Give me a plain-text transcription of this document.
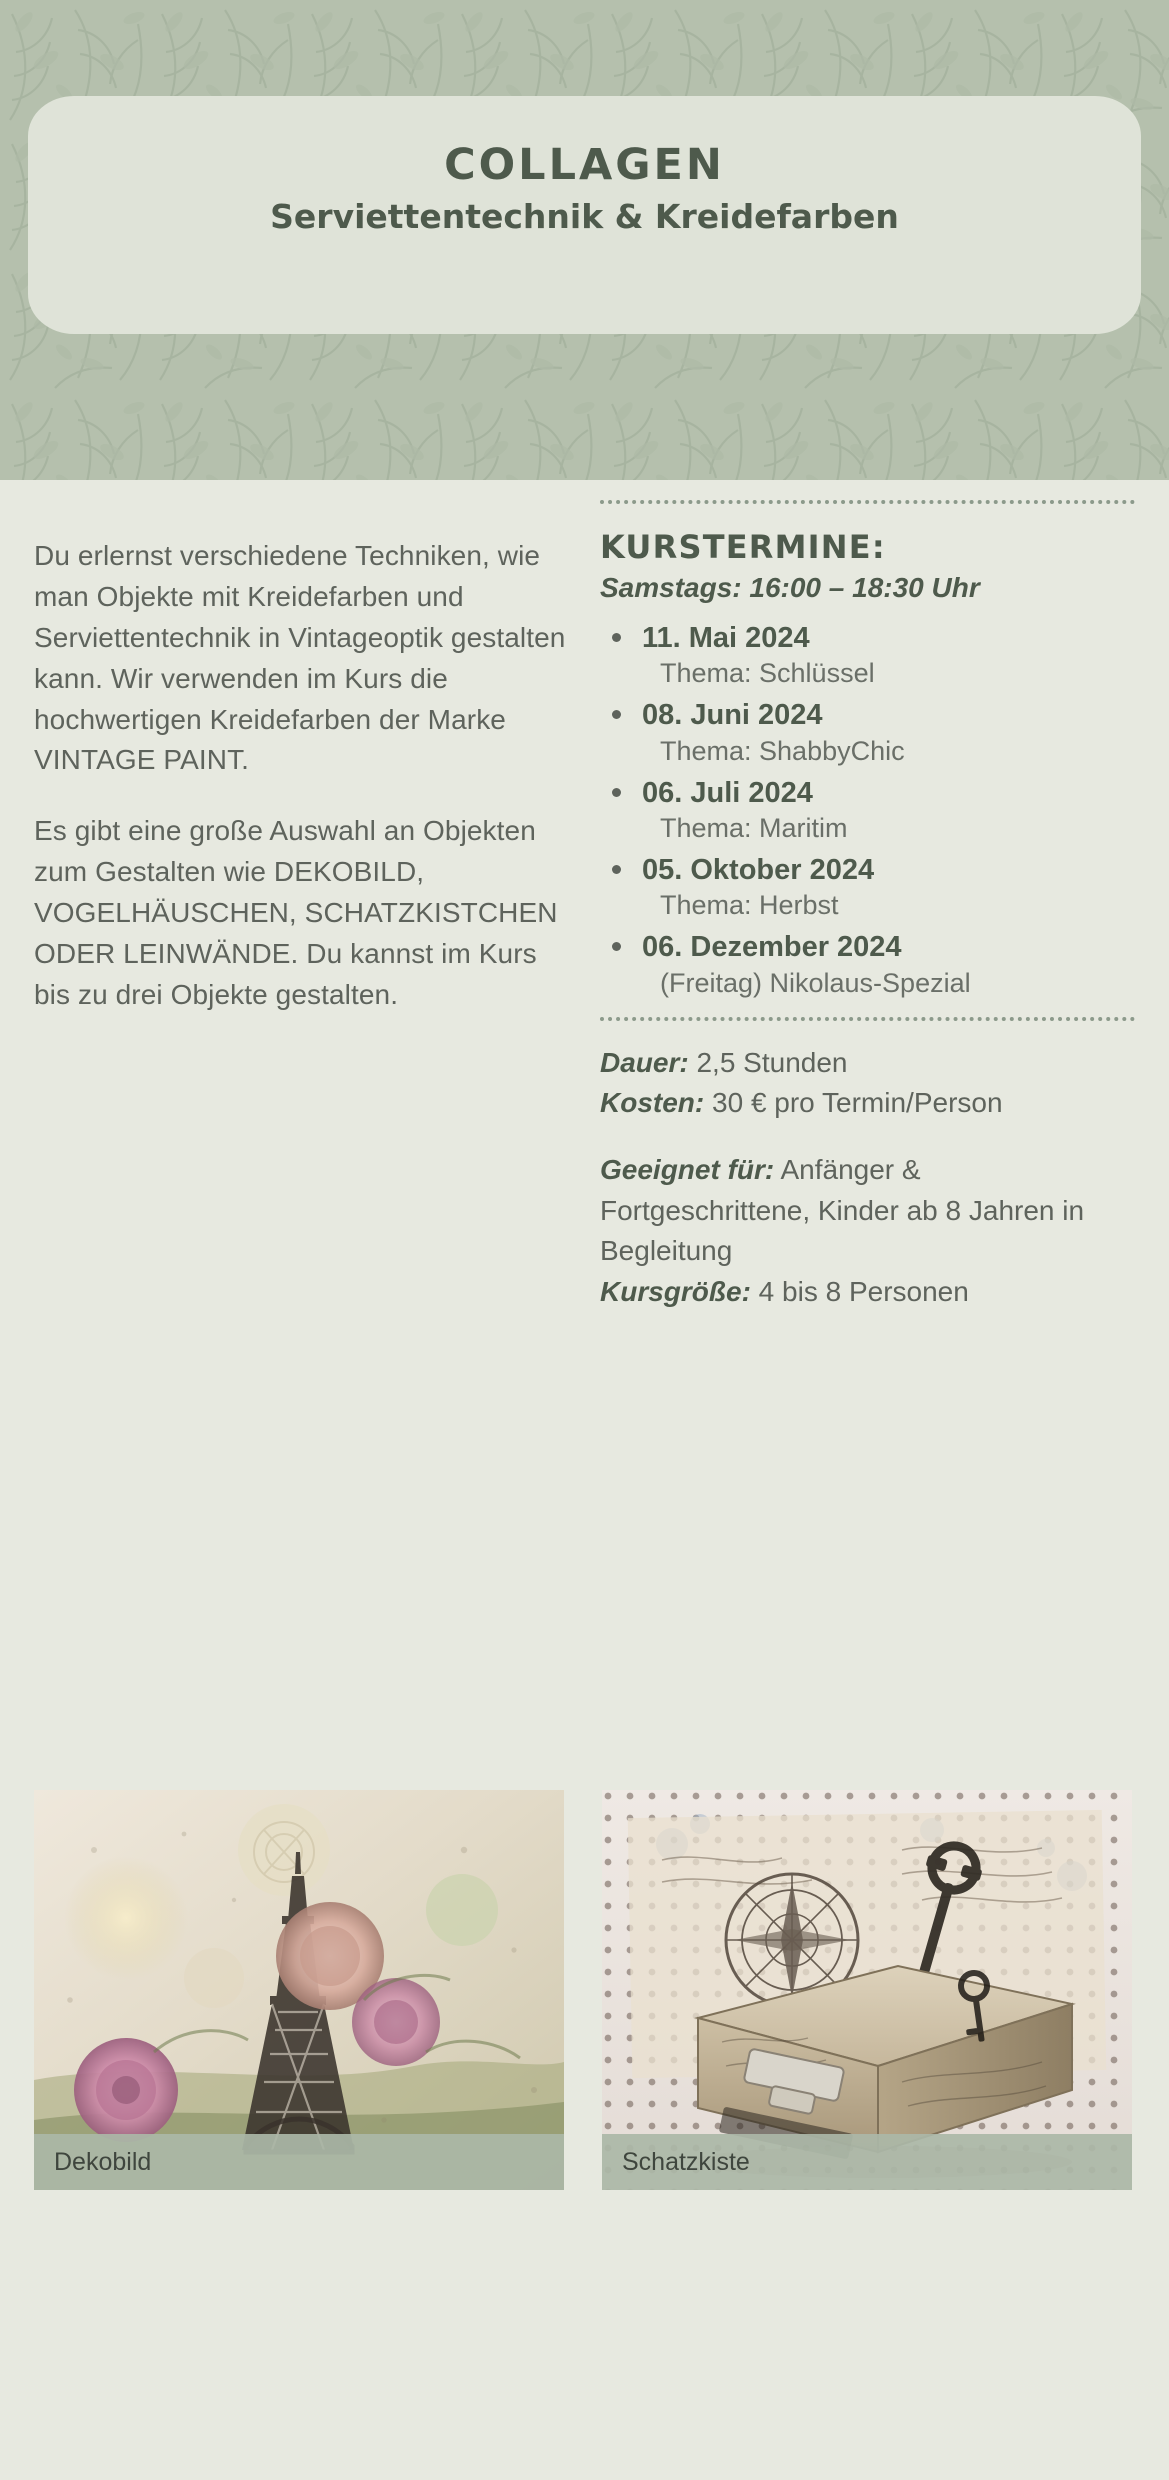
COLLAGEN
Serviettentechnik & Kreidefarben

Du erlernst verschiedene Techniken, wie man Objekte mit Kreidefarben und Serviettentechnik in Vintageoptik gestalten kann. Wir verwenden im Kurs die hochwertigen Kreidefarben der Marke VINTAGE PAINT.

Es gibt eine große Auswahl an Objekten zum Gestalten wie DEKOBILD, VOGELHÄUSCHEN, SCHATZKISTCHEN ODER LEINWÄNDE. Du kannst im Kurs bis zu drei Objekte gestalten.

KURSTERMINE:
Samstags: 16:00 – 18:30 Uhr
11. Mai 2024
Thema: Schlüssel
08. Juni 2024
Thema: ShabbyChic
06. Juli 2024
Thema: Maritim
05. Oktober 2024
Thema: Herbst
06. Dezember 2024
(Freitag) Nikolaus-Spezial

Dauer: 2,5 Stunden

Kosten: 30 € pro Termin/Person

Geeignet für: Anfänger & Fortgeschrittene, Kinder ab 8 Jahren in Begleitung

Kursgröße: 4 bis 8 Personen

Dekobild	Schatzkiste
